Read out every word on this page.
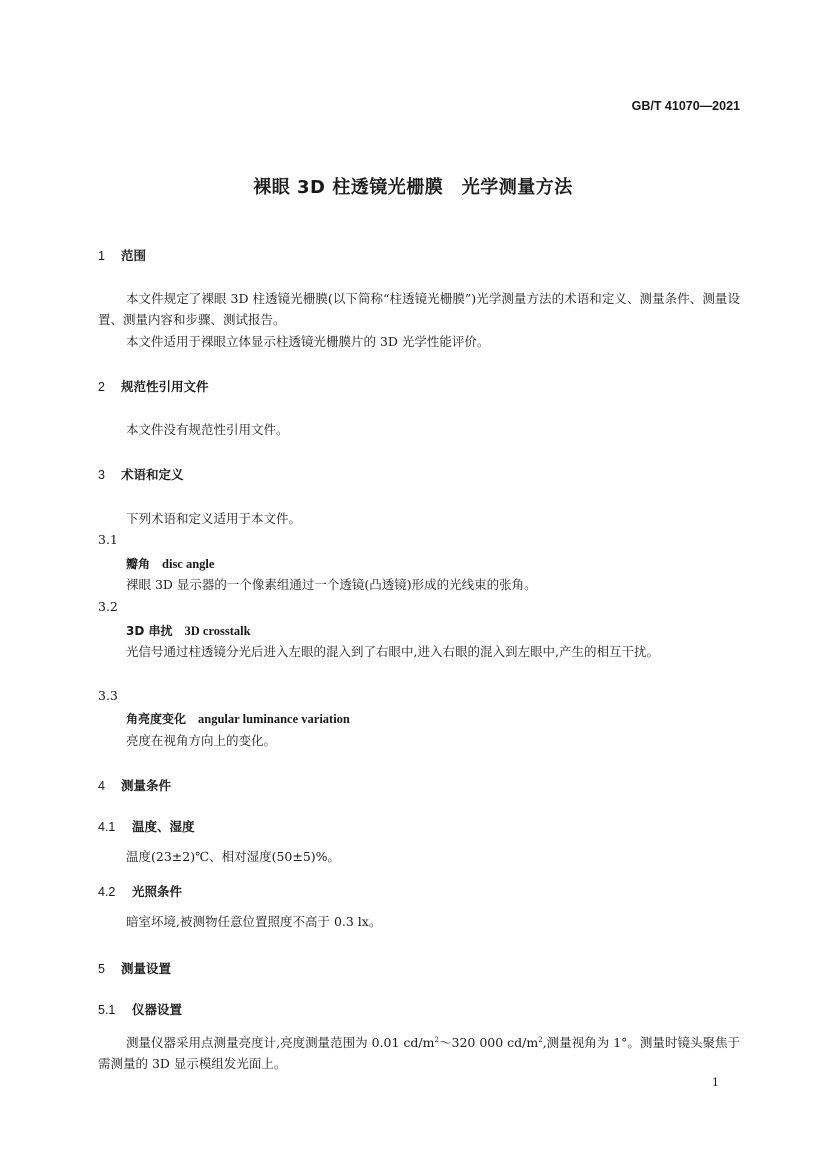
GB/T 41070—2021
裸眼 3D 柱透镜光栅膜　光学测量方法
1 范围
本文件规定了裸眼 3D 柱透镜光栅膜(以下简称“柱透镜光栅膜”)光学测量方法的术语和定义、测量条件、测量设置、测量内容和步骤、测试报告。
本文件适用于裸眼立体显示柱透镜光栅膜片的 3D 光学性能评价。
2 规范性引用文件
本文件没有规范性引用文件。
3 术语和定义
下列术语和定义适用于本文件。
3.1
瓣角 disc angle
裸眼 3D 显示器的一个像素组通过一个透镜(凸透镜)形成的光线束的张角。
3.2
3D 串扰 3D crosstalk
光信号通过柱透镜分光后进入左眼的混入到了右眼中,进入右眼的混入到左眼中,产生的相互干扰。
3.3
角亮度变化 angular luminance variation
亮度在视角方向上的变化。
4 测量条件
4.1 温度、湿度
温度(23±2)℃、相对湿度(50±5)%。
4.2 光照条件
暗室坏境,被测物任意位置照度不高于 0.3 lx。
5 测量设置
5.1 仪器设置
测量仪器采用点测量亮度计,亮度测量范围为 0.01 $cd/m^2\sim 320$ 000 $cd/m^2$,测量视角为 1°。测量时镜头聚焦于需测量的 3D 显示模组发光面上。
1
